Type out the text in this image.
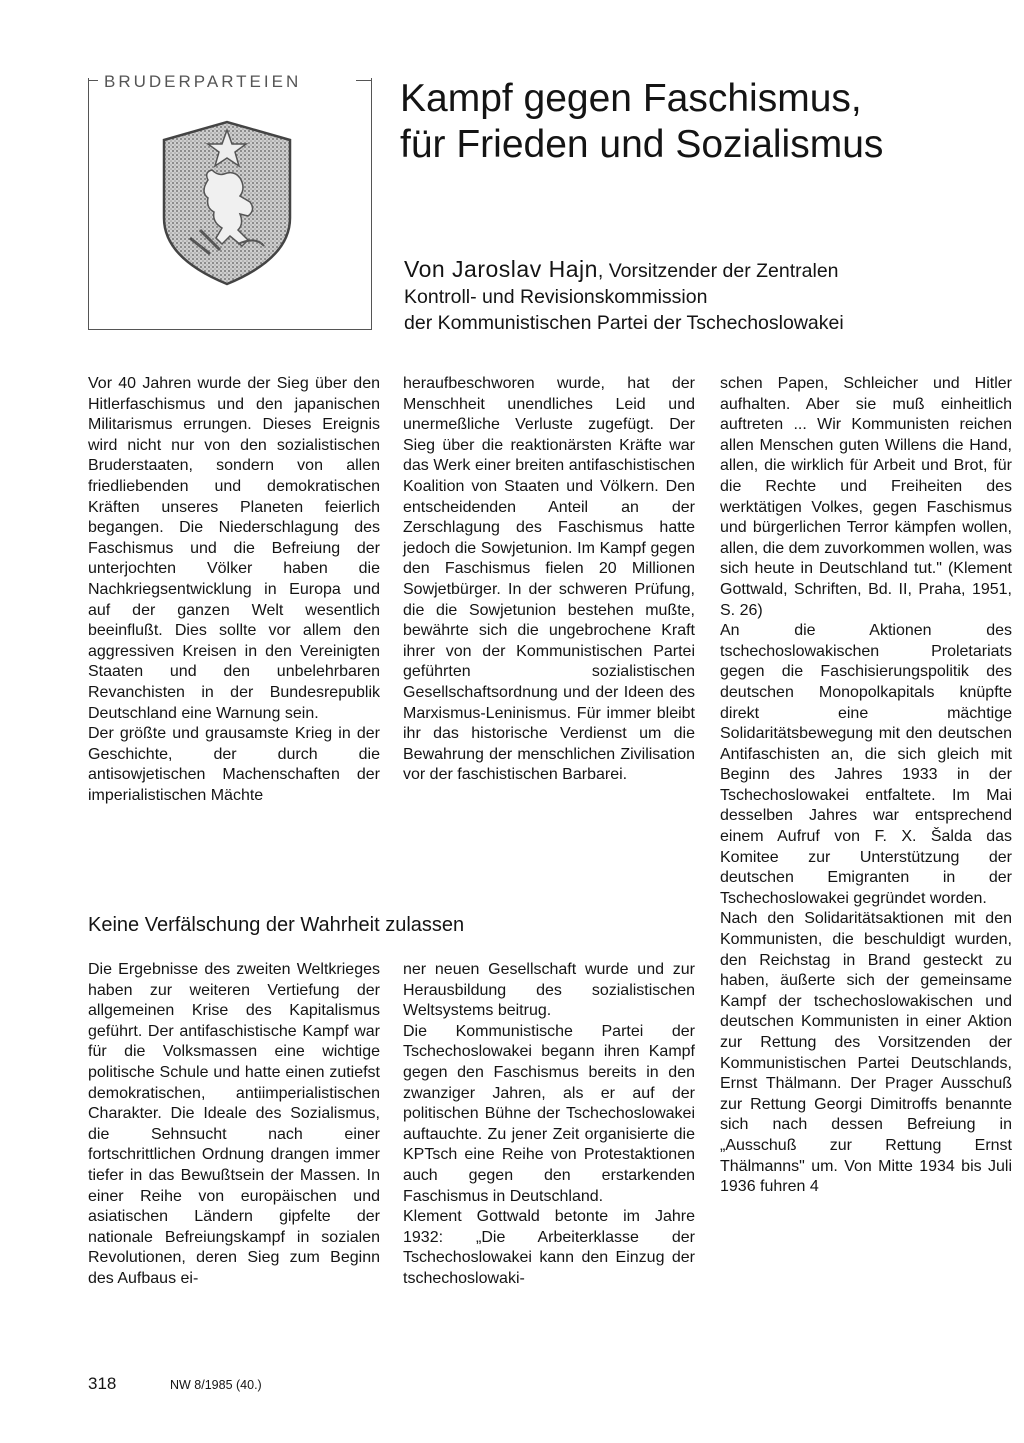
BRUDERPARTEIEN	Kampf gegen Faschismus,
für Frieden und Sozialismus
Von Jaroslav Hajn, Vorsitzender der Zentralen
Kontroll- und Revisionskommission
der Kommunistischen Partei der Tschechoslowakei

Vor 40 Jahren wurde der Sieg über den Hitlerfaschismus und den japanischen Militarismus errungen. Dieses Ereignis wird nicht nur von den sozialistischen Bruderstaaten, sondern von allen friedliebenden und demokratischen Kräften unseres Planeten feierlich begangen. Die Niederschlagung des Faschismus und die Befreiung der unterjochten Völker haben die Nachkriegsentwicklung in Europa und auf der ganzen Welt wesentlich beeinflußt. Dies sollte vor allem den aggressiven Kreisen in den Vereinigten Staaten und den unbelehrbaren Revanchisten in der Bundesrepublik Deutschland eine Warnung sein.

Der größte und grausamste Krieg in der Geschichte, der durch die antisowjetischen Machenschaften der imperialistischen Mächte

heraufbeschworen wurde, hat der Menschheit unendliches Leid und unermeßliche Verluste zugefügt. Der Sieg über die reaktionärsten Kräfte war das Werk einer breiten antifaschistischen Koalition von Staaten und Völkern. Den entscheidenden Anteil an der Zerschlagung des Faschismus hatte jedoch die Sowjetunion. Im Kampf gegen den Faschismus fielen 20 Millionen Sowjetbürger. In der schweren Prüfung, die die Sowjetunion bestehen mußte, bewährte sich die ungebrochene Kraft ihrer von der Kommunistischen Partei geführten sozialistischen Gesellschaftsordnung und der Ideen des Marxismus-Leninismus. Für immer bleibt ihr das historische Verdienst um die Bewahrung der menschlichen Zivilisation vor der faschistischen Barbarei.

schen Papen, Schleicher und Hitler aufhalten. Aber sie muß einheitlich auftreten ... Wir Kommunisten reichen allen Menschen guten Willens die Hand, allen, die wirklich für Arbeit und Brot, für die Rechte und Freiheiten des werktätigen Volkes, gegen Faschismus und bürgerlichen Terror kämpfen wollen, allen, die dem zuvorkommen wollen, was sich heute in Deutschland tut." (Klement Gottwald, Schriften, Bd. II, Praha, 1951, S. 26)

An die Aktionen des tschechoslowakischen Proletariats gegen die Faschisierungspolitik des deutschen Monopolkapitals knüpfte direkt eine mächtige Solidaritätsbewegung mit den deutschen Antifaschisten an, die sich gleich mit Beginn des Jahres 1933 in der Tschechoslowakei entfaltete. Im Mai desselben Jahres war entsprechend einem Aufruf von F. X. Šalda das Komitee zur Unterstützung der deutschen Emigranten in der Tschechoslowakei gegründet worden.

Nach den Solidaritätsaktionen mit den Kommunisten, die beschuldigt wurden, den Reichstag in Brand gesteckt zu haben, äußerte sich der gemeinsame Kampf der tschechoslowakischen und deutschen Kommunisten in einer Aktion zur Rettung des Vorsitzenden der Kommunistischen Partei Deutschlands, Ernst Thälmann. Der Prager Ausschuß zur Rettung Georgi Dimitroffs benannte sich nach dessen Befreiung in „Ausschuß zur Rettung Ernst Thälmanns" um. Von Mitte 1934 bis Juli 1936 fuhren 4

Keine Verfälschung der Wahrheit zulassen

Die Ergebnisse des zweiten Weltkrieges haben zur weiteren Vertiefung der allgemeinen Krise des Kapitalismus geführt. Der antifaschistische Kampf war für die Volksmassen eine wichtige politische Schule und hatte einen zutiefst demokratischen, antiimperialistischen Charakter. Die Ideale des Sozialismus, die Sehnsucht nach einer fortschrittlichen Ordnung drangen immer tiefer in das Bewußtsein der Massen. In einer Reihe von europäischen und asiatischen Ländern gipfelte der nationale Befreiungskampf in sozialen Revolutionen, deren Sieg zum Beginn des Aufbaus ei-

ner neuen Gesellschaft wurde und zur Herausbildung des sozialistischen Weltsystems beitrug.

Die Kommunistische Partei der Tschechoslowakei begann ihren Kampf gegen den Faschismus bereits in den zwanziger Jahren, als er auf der politischen Bühne der Tschechoslowakei auftauchte. Zu jener Zeit organisierte die KPTsch eine Reihe von Protestaktionen auch gegen den erstarkenden Faschismus in Deutschland.

Klement Gottwald betonte im Jahre 1932: „Die Arbeiterklasse der Tschechoslowakei kann den Einzug der tschechoslowaki-

318	NW 8/1985 (40.)
